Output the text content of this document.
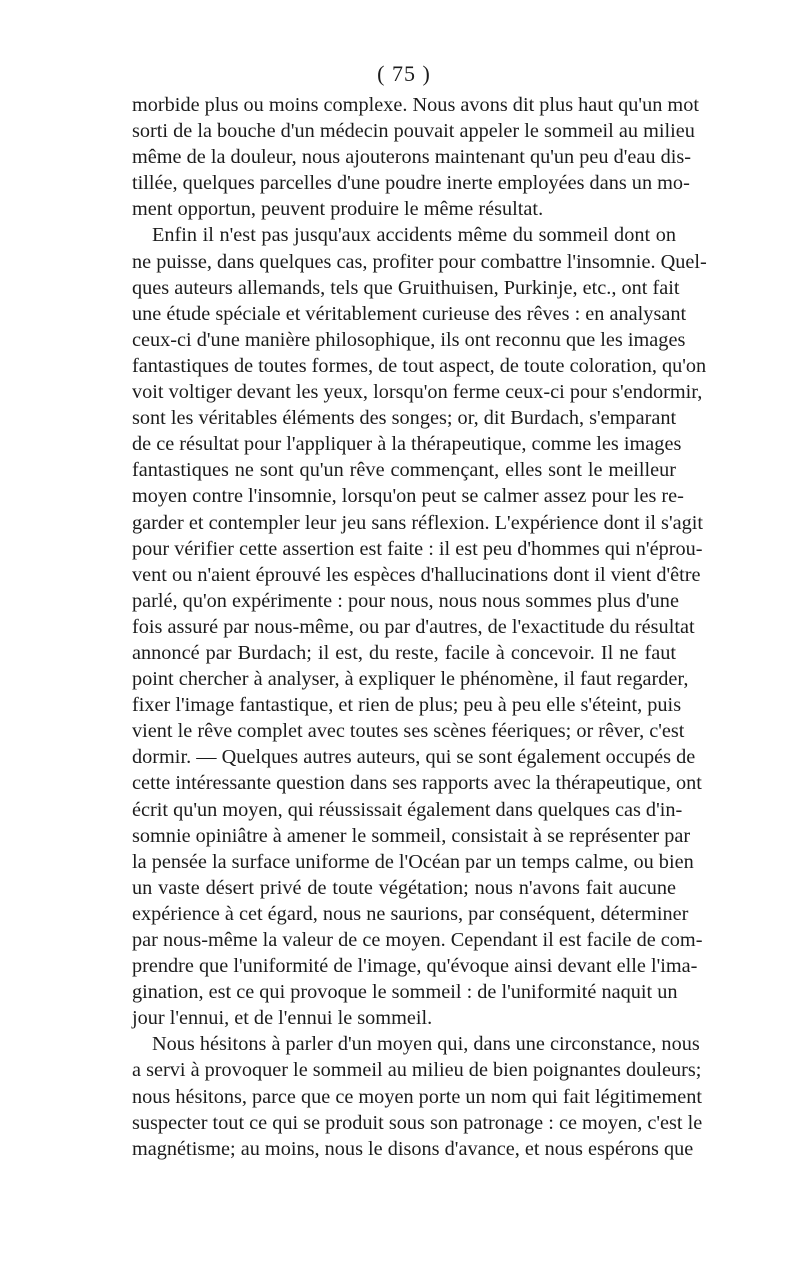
( 75 )
morbide plus ou moins complexe. Nous avons dit plus haut qu'un mot
sorti de la bouche d'un médecin pouvait appeler le sommeil au milieu
même de la douleur, nous ajouterons maintenant qu'un peu d'eau dis-
tillée, quelques parcelles d'une poudre inerte employées dans un mo-
ment opportun, peuvent produire le même résultat.
Enfin il n'est pas jusqu'aux accidents même du sommeil dont on
ne puisse, dans quelques cas, profiter pour combattre l'insomnie. Quel-
ques auteurs allemands, tels que Gruithuisen, Purkinje, etc., ont fait
une étude spéciale et véritablement curieuse des rêves : en analysant
ceux-ci d'une manière philosophique, ils ont reconnu que les images
fantastiques de toutes formes, de tout aspect, de toute coloration, qu'on
voit voltiger devant les yeux, lorsqu'on ferme ceux-ci pour s'endormir,
sont les véritables éléments des songes; or, dit Burdach, s'emparant
de ce résultat pour l'appliquer à la thérapeutique, comme les images
fantastiques ne sont qu'un rêve commençant, elles sont le meilleur
moyen contre l'insomnie, lorsqu'on peut se calmer assez pour les re-
garder et contempler leur jeu sans réflexion. L'expérience dont il s'agit
pour vérifier cette assertion est faite : il est peu d'hommes qui n'éprou-
vent ou n'aient éprouvé les espèces d'hallucinations dont il vient d'être
parlé, qu'on expérimente : pour nous, nous nous sommes plus d'une
fois assuré par nous-même, ou par d'autres, de l'exactitude du résultat
annoncé par Burdach; il est, du reste, facile à concevoir. Il ne faut
point chercher à analyser, à expliquer le phénomène, il faut regarder,
fixer l'image fantastique, et rien de plus; peu à peu elle s'éteint, puis
vient le rêve complet avec toutes ses scènes féeriques; or rêver, c'est
dormir. — Quelques autres auteurs, qui se sont également occupés de
cette intéressante question dans ses rapports avec la thérapeutique, ont
écrit qu'un moyen, qui réussissait également dans quelques cas d'in-
somnie opiniâtre à amener le sommeil, consistait à se représenter par
la pensée la surface uniforme de l'Océan par un temps calme, ou bien
un vaste désert privé de toute végétation; nous n'avons fait aucune
expérience à cet égard, nous ne saurions, par conséquent, déterminer
par nous-même la valeur de ce moyen. Cependant il est facile de com-
prendre que l'uniformité de l'image, qu'évoque ainsi devant elle l'ima-
gination, est ce qui provoque le sommeil : de l'uniformité naquit un
jour l'ennui, et de l'ennui le sommeil.
Nous hésitons à parler d'un moyen qui, dans une circonstance, nous
a servi à provoquer le sommeil au milieu de bien poignantes douleurs;
nous hésitons, parce que ce moyen porte un nom qui fait légitimement
suspecter tout ce qui se produit sous son patronage : ce moyen, c'est le
magnétisme; au moins, nous le disons d'avance, et nous espérons que
